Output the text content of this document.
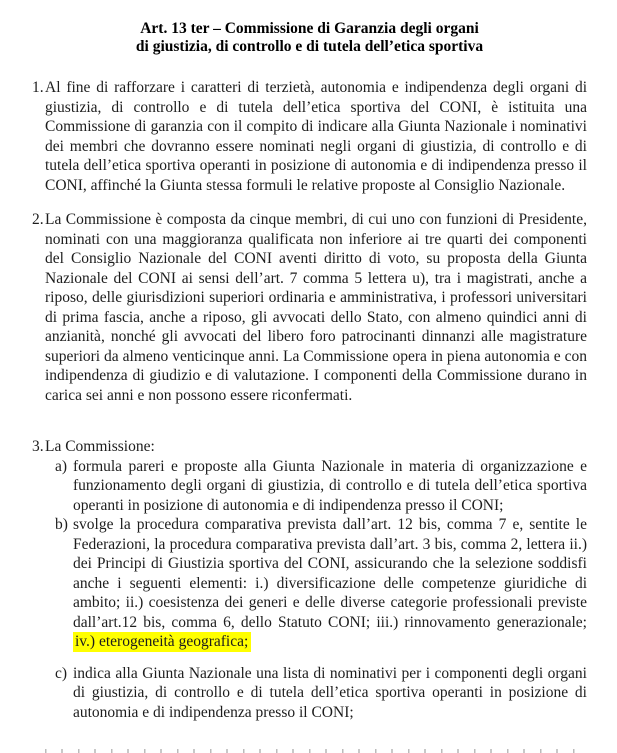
Art. 13 ter – Commissione di Garanzia degli organi
di giustizia, di controllo e di tutela dell’etica sportiva
1. Al fine di rafforzare i caratteri di terzietà, autonomia e indipendenza degli organi di giustizia, di controllo e di tutela dell’etica sportiva del CONI, è istituita una Commissione di garanzia con il compito di indicare alla Giunta Nazionale i nominativi dei membri che dovranno essere nominati negli organi di giustizia, di controllo e di tutela dell’etica sportiva operanti in posizione di autonomia e di indipendenza presso il CONI, affinché la Giunta stessa formuli le relative proposte al Consiglio Nazionale.
2. La Commissione è composta da cinque membri, di cui uno con funzioni di Presidente, nominati con una maggioranza qualificata non inferiore ai tre quarti dei componenti del Consiglio Nazionale del CONI aventi diritto di voto, su proposta della Giunta Nazionale del CONI ai sensi dell’art. 7 comma 5 lettera u), tra i magistrati, anche a riposo, delle giurisdizioni superiori ordinaria e amministrativa, i professori universitari di prima fascia, anche a riposo, gli avvocati dello Stato, con almeno quindici anni di anzianità, nonché gli avvocati del libero foro patrocinanti dinnanzi alle magistrature superiori da almeno venticinque anni. La Commissione opera in piena autonomia e con indipendenza di giudizio e di valutazione. I componenti della Commissione durano in carica sei anni e non possono essere riconfermati.
3. La Commissione:
a) formula pareri e proposte alla Giunta Nazionale in materia di organizzazione e funzionamento degli organi di giustizia, di controllo e di tutela dell’etica sportiva operanti in posizione di autonomia e di indipendenza presso il CONI;
b) svolge la procedura comparativa prevista dall’art. 12 bis, comma 7 e, sentite le Federazioni, la procedura comparativa prevista dall’art. 3 bis, comma 2, lettera ii.) dei Principi di Giustizia sportiva del CONI, assicurando che la selezione soddisfi anche i seguenti elementi: i.) diversificazione delle competenze giuridiche di ambito; ii.) coesistenza dei generi e delle diverse categorie professionali previste dall’art.12 bis, comma 6, dello Statuto CONI; iii.) rinnovamento generazionale; iv.) eterogeneità geografica;
c) indica alla Giunta Nazionale una lista di nominativi per i componenti degli organi di giustizia, di controllo e di tutela dell’etica sportiva operanti in posizione di autonomia e di indipendenza presso il CONI;
